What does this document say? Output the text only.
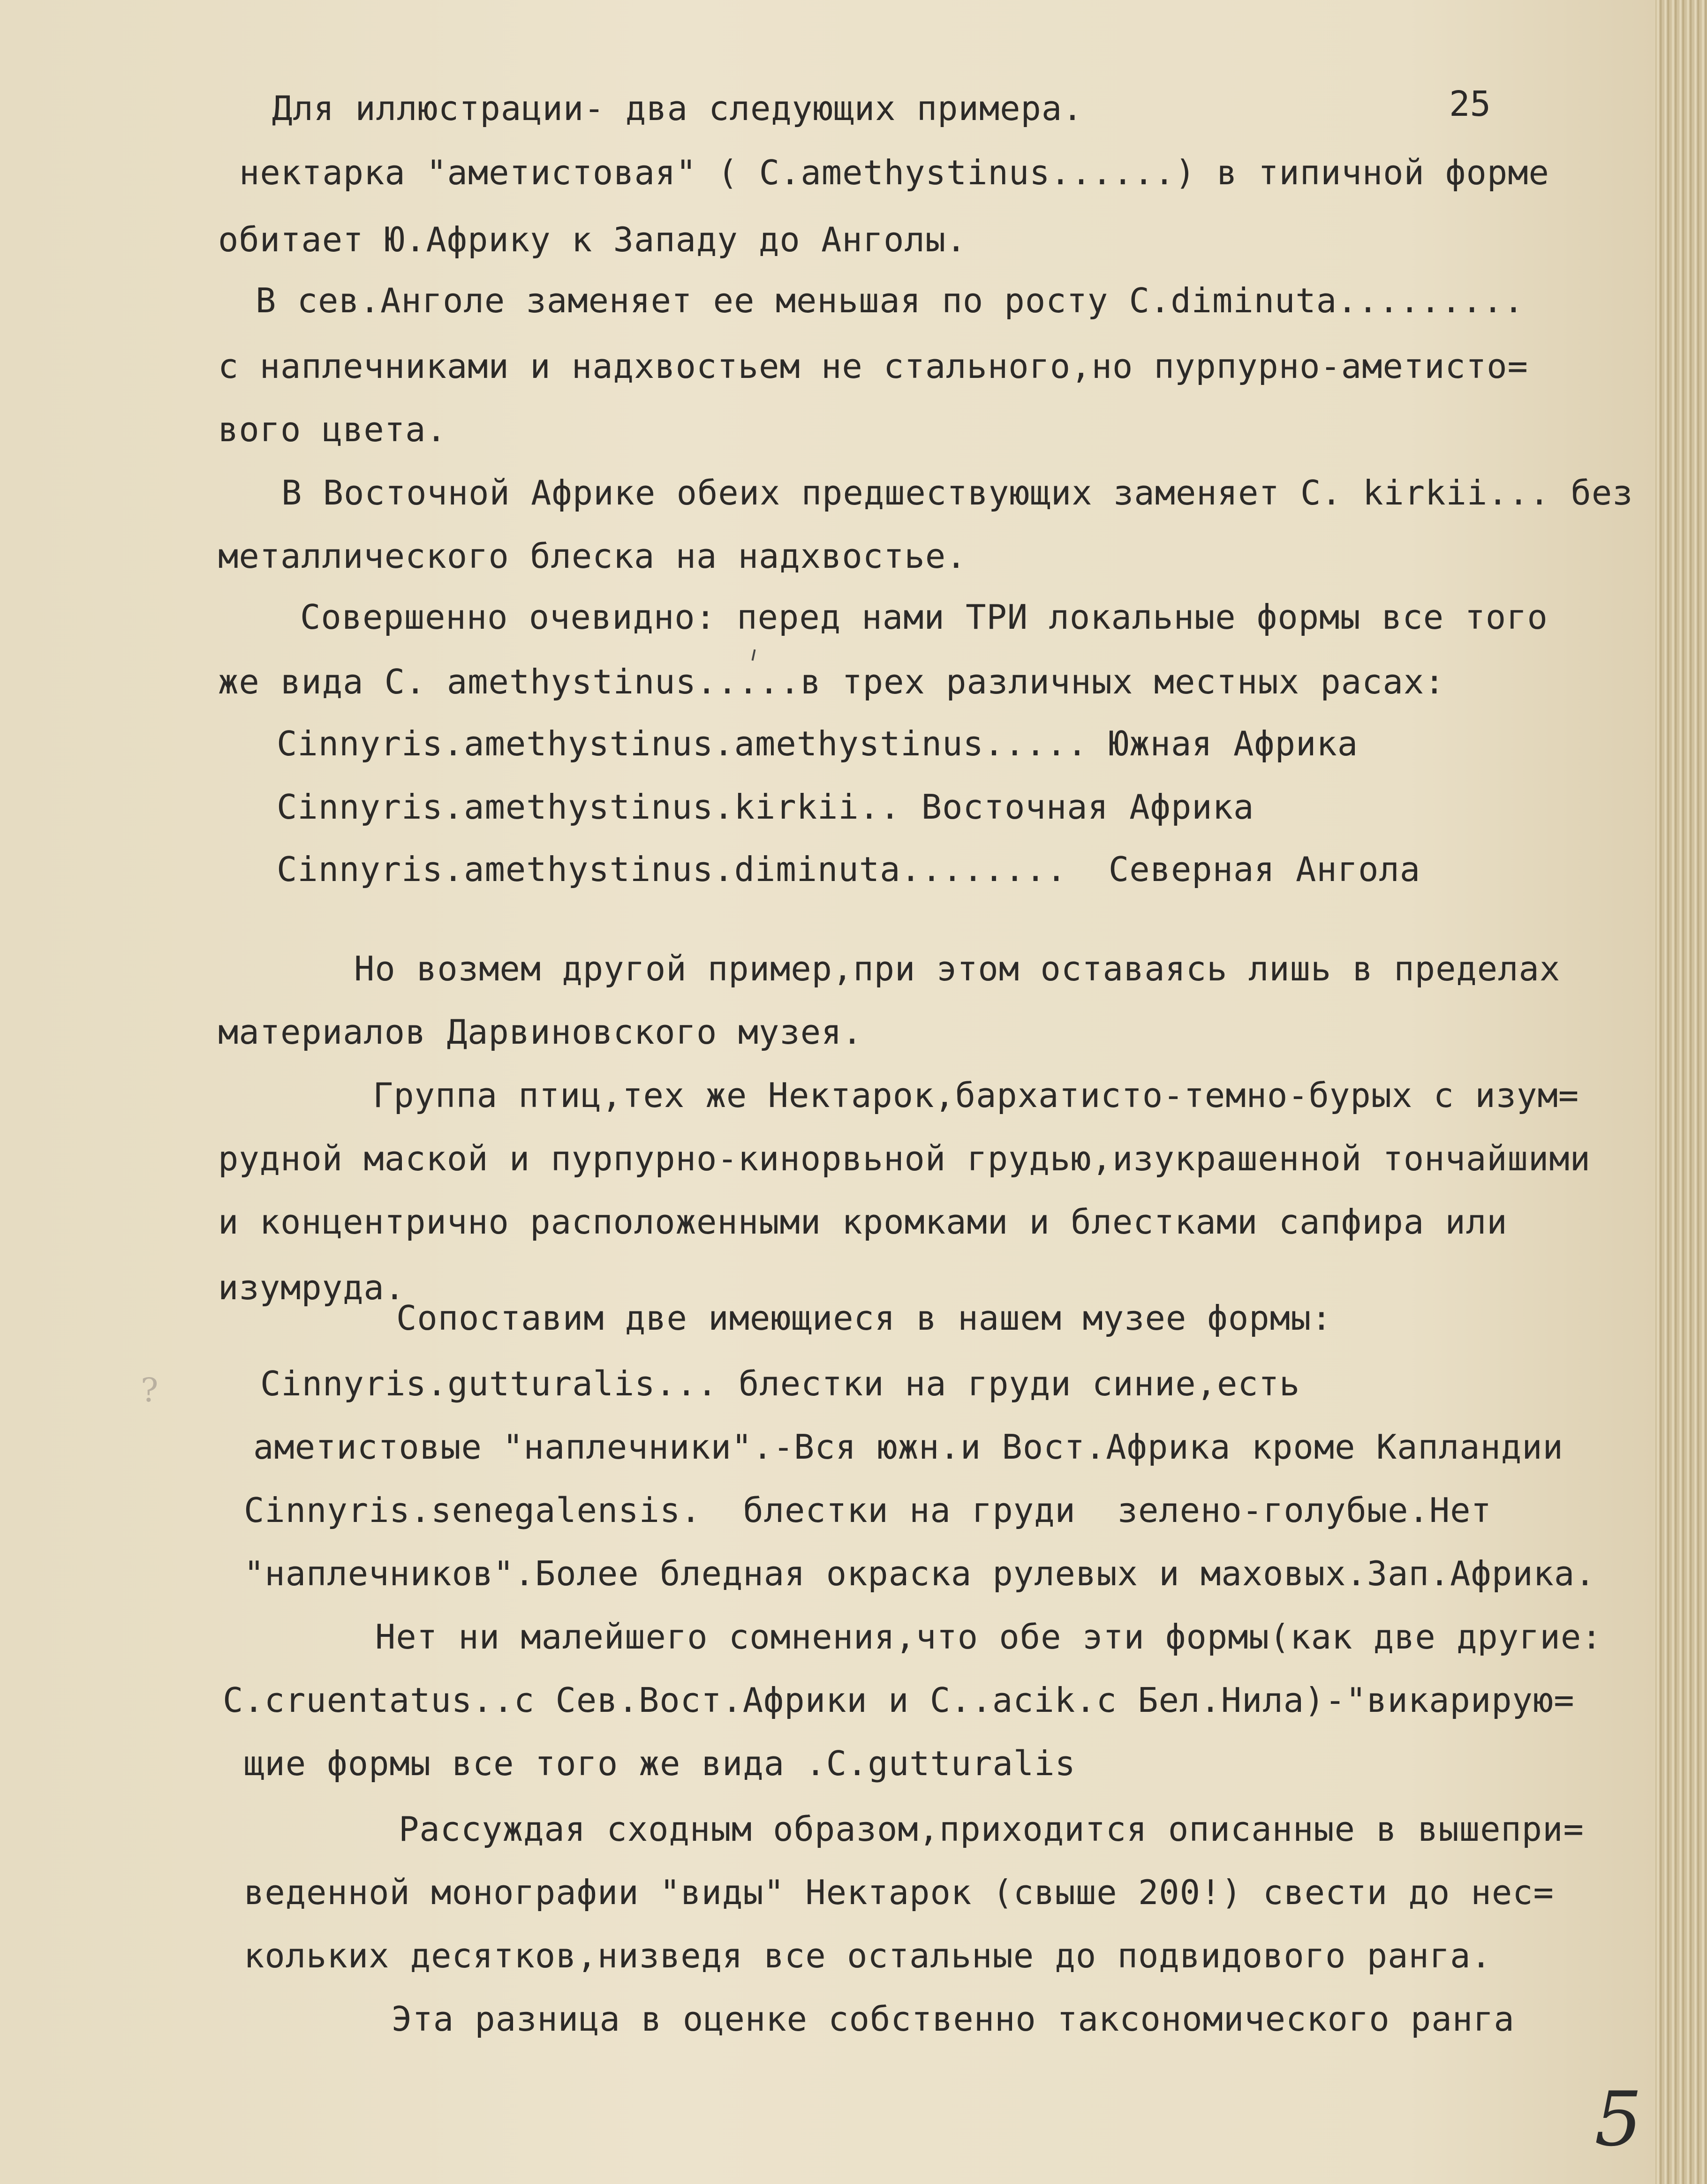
25

Для иллюстрации- два следующих примера.

нектарка "аметистовая" ( C.amethystinus......) в типичной форме

обитает Ю.Африку к Западу до Анголы.

В сев.Анголе заменяет ее меньшая по росту C.diminuta.........

с наплечниками и надхвостьем не стального,но пурпурно-аметисто=

вого цвета.

В Восточной Африке обеих предшествующих заменяет C. kirkii... без

металлического блеска на надхвостье.

Совершенно очевидно: перед нами ТРИ локальные формы все того

же вида C. amethystinus.....в трех различных местных расах:

Cinnyris.amethystinus.amethystinus..... Южная Африка

Cinnyris.amethystinus.kirkii.. Восточная Африка

Cinnyris.amethystinus.diminuta........  Северная Ангола

Но возмем другой пример,при этом оставаясь лишь в пределах

материалов Дарвиновского музея.

Группа птиц,тех же Нектарок,бархатисто-темно-бурых с изум=

рудной маской и пурпурно-кинорвьной грудью,изукрашенной тончайшими

и концентрично расположенными кромками и блестками сапфира или

изумруда.

Сопоставим две имеющиеся в нашем музее формы:

?	Cinnyris.gutturalis... блестки на груди синие,есть

аметистовые "наплечники".-Вся южн.и Вост.Африка кроме Капландии

Cinnyris.senegalensis.  блестки на груди  зелено-голубые.Нет

"наплечников".Более бледная окраска рулевых и маховых.Зап.Африка.

Нет ни малейшего сомнения,что обе эти формы(как две другие:

C.cruentatus..с Сев.Вост.Африки и C..acik.с Бел.Нила)-"викарирую=

щие формы все того же вида .C.gutturalis

Рассуждая сходным образом,приходится описанные в вышепри=

веденной монографии "виды" Нектарок (свыше 200!) свести до нес=

кольких десятков,низведя все остальные до подвидового ранга.

Эта разница в оценке собственно таксономического ранга

5
